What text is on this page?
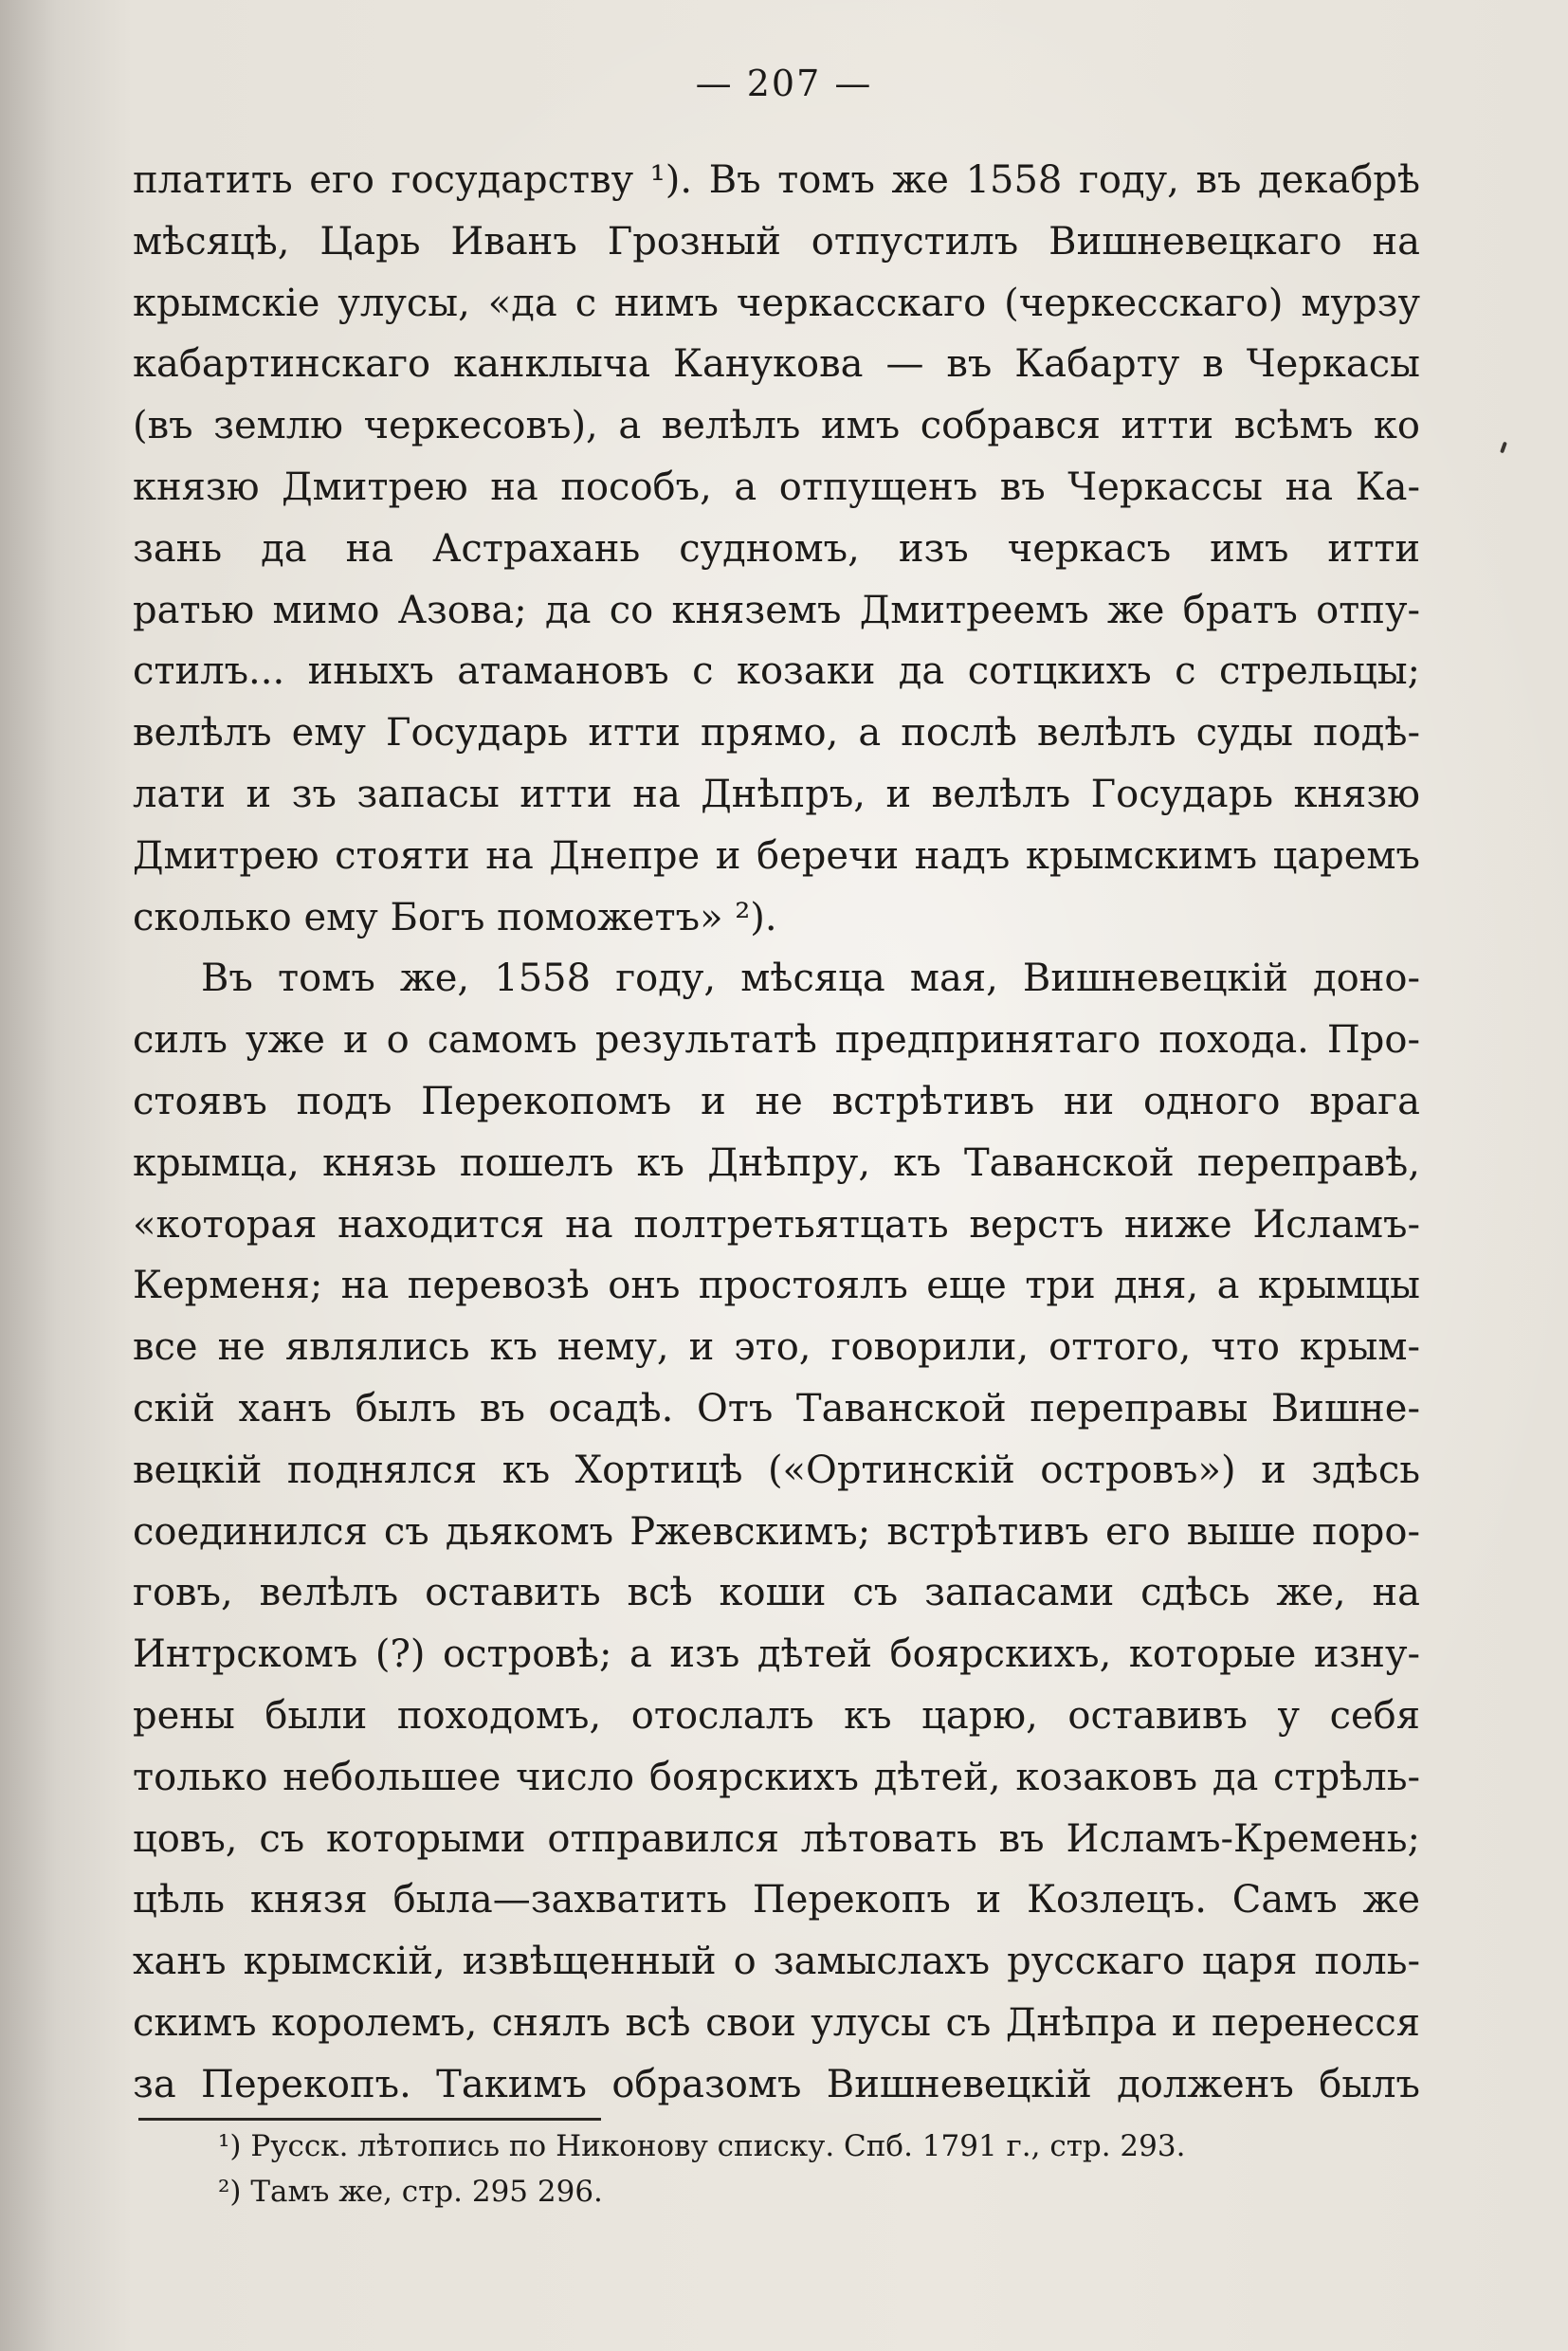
— 207 —
платить его государству ¹). Въ томъ же 1558 году, въ декабрѣ
мѣсяцѣ, Царь Иванъ Грозный отпустилъ Вишневецкаго на
крымскіе улусы, «да с нимъ черкасскаго (черкесскаго) мурзу
кабартинскаго канклыча Канукова — въ Кабарту в Черкасы
(въ землю черкесовъ), а велѣлъ имъ собрався итти всѣмъ ко
князю Дмитрею на пособъ, а отпущенъ въ Черкассы на Ка-
зань да на Астрахань судномъ, изъ черкасъ имъ итти
ратью мимо Азова; да со княземъ Дмитреемъ же братъ отпу-
стилъ... иныхъ атамановъ с козаки да сотцкихъ с стрельцы;
велѣлъ ему Государь итти прямо, а послѣ велѣлъ суды подѣ-
лати и зъ запасы итти на Днѣпръ, и велѣлъ Государь князю
Дмитрею стояти на Днепре и беречи надъ крымскимъ царемъ
сколько ему Богъ поможетъ» ²).
Въ томъ же, 1558 году, мѣсяца мая, Вишневецкій доно-
силъ уже и о самомъ результатѣ предпринятаго похода. Про-
стоявъ подъ Перекопомъ и не встрѣтивъ ни одного врага
крымца, князь пошелъ къ Днѣпру, къ Таванской переправѣ,
«которая находится на полтретьятцать верстъ ниже Исламъ-
Керменя; на перевозѣ онъ простоялъ еще три дня, а крымцы
все не являлись къ нему, и это, говорили, оттого, что крым-
скій ханъ былъ въ осадѣ. Отъ Таванской переправы Вишне-
вецкій поднялся къ Хортицѣ («Ортинскій островъ») и здѣсь
соединился съ дьякомъ Ржевскимъ; встрѣтивъ его выше поро-
говъ, велѣлъ оставить всѣ коши съ запасами сдѣсь же, на
Интрскомъ (?) островѣ; а изъ дѣтей боярскихъ, которые изну-
рены были походомъ, отослалъ къ царю, оставивъ у себя
только небольшее число боярскихъ дѣтей, козаковъ да стрѣль-
цовъ, съ которыми отправился лѣтовать въ Исламъ-Кремень;
цѣль князя была—захватить Перекопъ и Козлецъ. Самъ же
ханъ крымскій, извѣщенный о замыслахъ русскаго царя поль-
скимъ королемъ, снялъ всѣ свои улусы съ Днѣпра и перенесся
за Перекопъ. Такимъ образомъ Вишневецкій долженъ былъ
¹) Русск. лѣтопись по Никонову списку. Спб. 1791 г., стр. 293.
²) Тамъ же, стр. 295 296.
